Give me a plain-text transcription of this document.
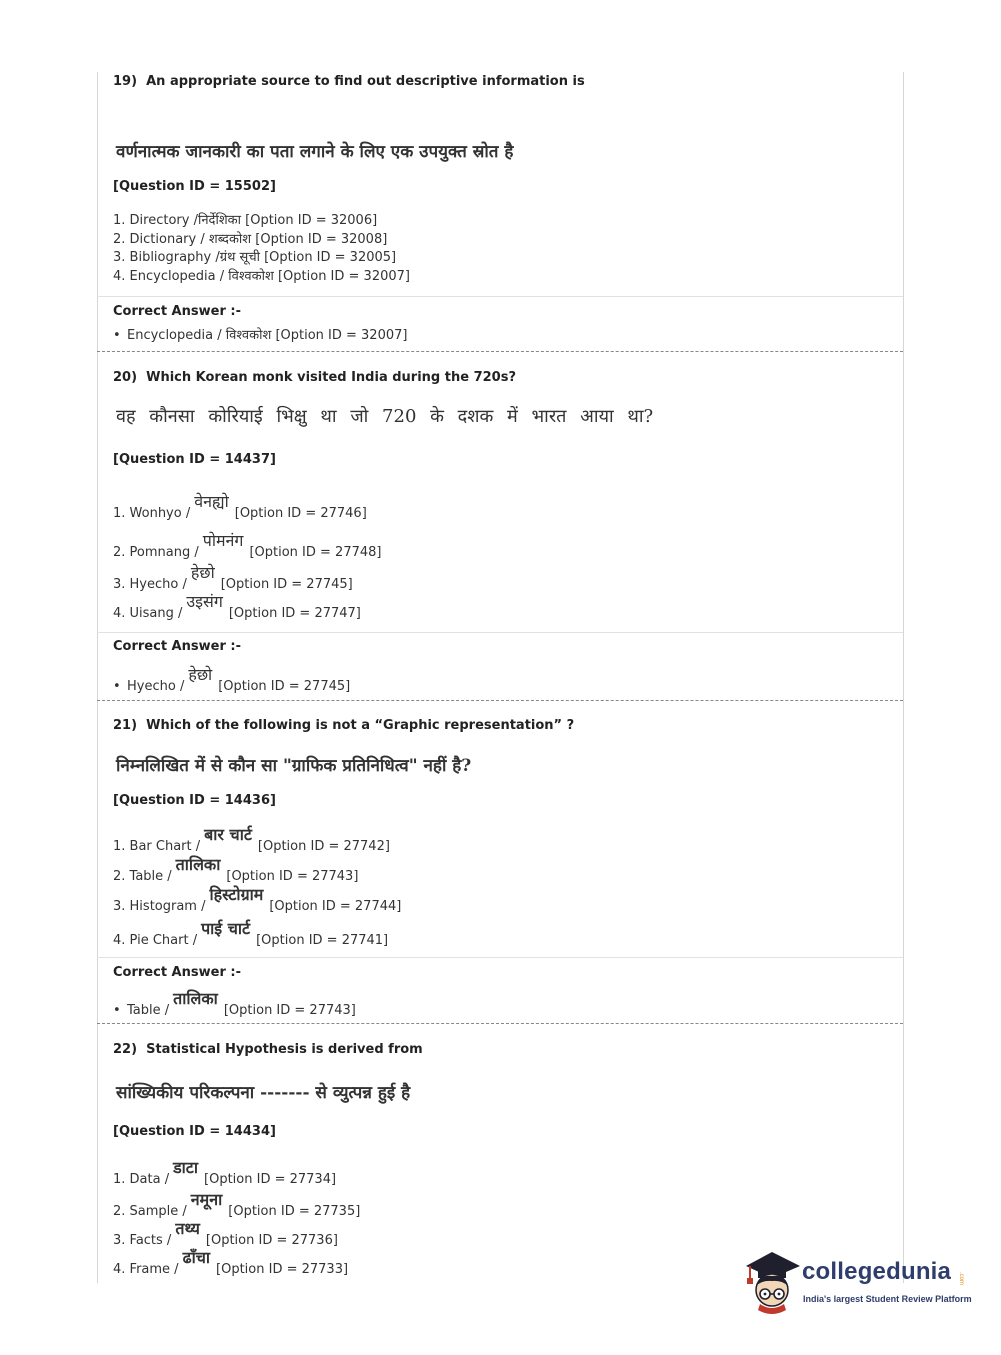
19) An appropriate source to find out descriptive information is
वर्णनात्मक जानकारी का पता लगाने के लिए एक उपयुक्त स्रोत है
[Question ID = 15502]
1. Directory /निर्देशिका [Option ID = 32006]
2. Dictionary / शब्दकोश [Option ID = 32008]
3. Bibliography /ग्रंथ सूची [Option ID = 32005]
4. Encyclopedia / विश्वकोश [Option ID = 32007]
Correct Answer :-
• Encyclopedia / विश्वकोश [Option ID = 32007]
20) Which Korean monk visited India during the 720s?
वह कौनसा कोरियाई भिक्षु था जो 720 के दशक में भारत आया था?
[Question ID = 14437]
1. Wonhyo /वेनह्यो[Option ID = 27746]
2. Pomnang /पोमनंग[Option ID = 27748]
3. Hyecho /हेछो[Option ID = 27745]
4. Uisang /उइसंग[Option ID = 27747]
Correct Answer :-
• Hyecho /हेछो[Option ID = 27745]
21) Which of the following is not a “Graphic representation” ?
निम्नलिखित में से कौन सा "ग्राफिक प्रतिनिधित्व" नहीं है?
[Question ID = 14436]
1. Bar Chart /बार चार्ट[Option ID = 27742]
2. Table /तालिका[Option ID = 27743]
3. Histogram /हिस्टोग्राम[Option ID = 27744]
4. Pie Chart /पाई चार्ट[Option ID = 27741]
Correct Answer :-
• Table /तालिका[Option ID = 27743]
22) Statistical Hypothesis is derived from
सांख्यिकीय परिकल्पना ------- से व्युत्पन्न हुई है
[Question ID = 14434]
1. Data /डाटा[Option ID = 27734]
2. Sample /नमूना[Option ID = 27735]
3. Facts /तथ्य[Option ID = 27736]
4. Frame /ढाँचा[Option ID = 27733]	collegedunia .com
India's largest Student Review Platform
